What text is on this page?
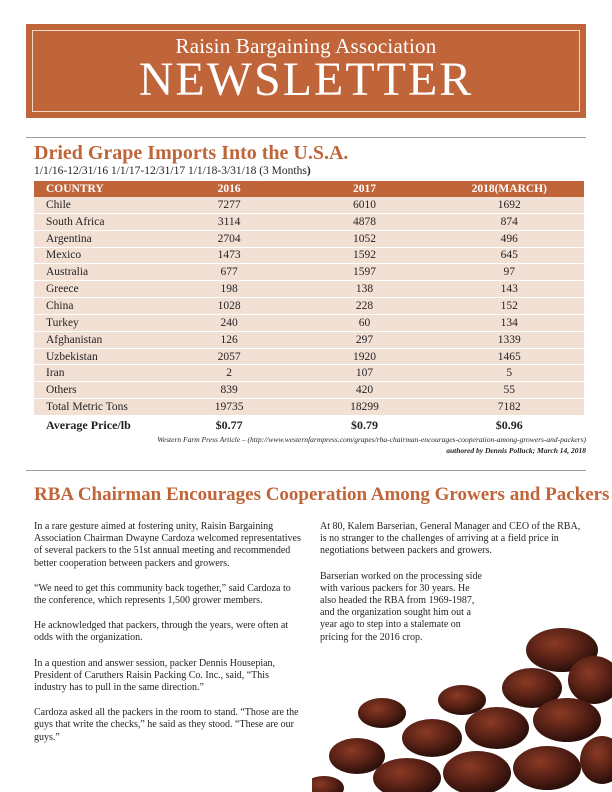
Raisin Bargaining Association
NEWSLETTER
Dried Grape Imports Into the U.S.A.
1/1/16-12/31/16 1/1/17-12/31/17 1/1/18-3/31/18 (3 Months)
COUNTRY	2016	2017	2018(MARCH)
Chile	7277	6010	1692
South Africa	3114	4878	874
Argentina	2704	1052	496
Mexico	1473	1592	645
Australia	677	1597	97
Greece	198	138	143
China	1028	228	152
Turkey	240	60	134
Afghanistan	126	297	1339
Uzbekistan	2057	1920	1465
Iran	2	107	5
Others	839	420	55
Total Metric Tons	19735	18299	7182
Average Price/lb	$0.77	$0.79	$0.96
Western Farm Press Article – (http://www.westernfarmpress.com/grapes/rba-chairman-encourages-cooperation-among-growers-and-packers)
authored by Dennis Polluck; March 14, 2018
RBA Chairman Encourages Cooperation Among Growers and Packers

In a rare gesture aimed at fostering unity, Raisin Bargaining Association Chairman Dwayne Cardoza welcomed representatives of several packers to the 51st annual meeting and recommended better cooperation between packers and growers.

“We need to get this community back together,” said Cardoza to the conference, which represents 1,500 grower members.

He acknowledged that packers, through the years, were often at odds with the organization.

In a question and answer session, packer Dennis Housepian, President of Caruthers Raisin Packing Co. Inc., said, “This industry has to pull in the same direction.”

Cardoza asked all the packers in the room to stand. “Those are the guys that write the checks,” he said as they stood. “These are our guys.”

At 80, Kalem Barserian, General Manager and CEO of the RBA, is no stranger to the challenges of arriving at a field price in negotiations between packers and growers.

Barserian worked on the processing side with various packers for 30 years. He also headed the RBA from 1969-1987, and the organization sought him out a year ago to step into a stalemate on pricing for the 2016 crop.
